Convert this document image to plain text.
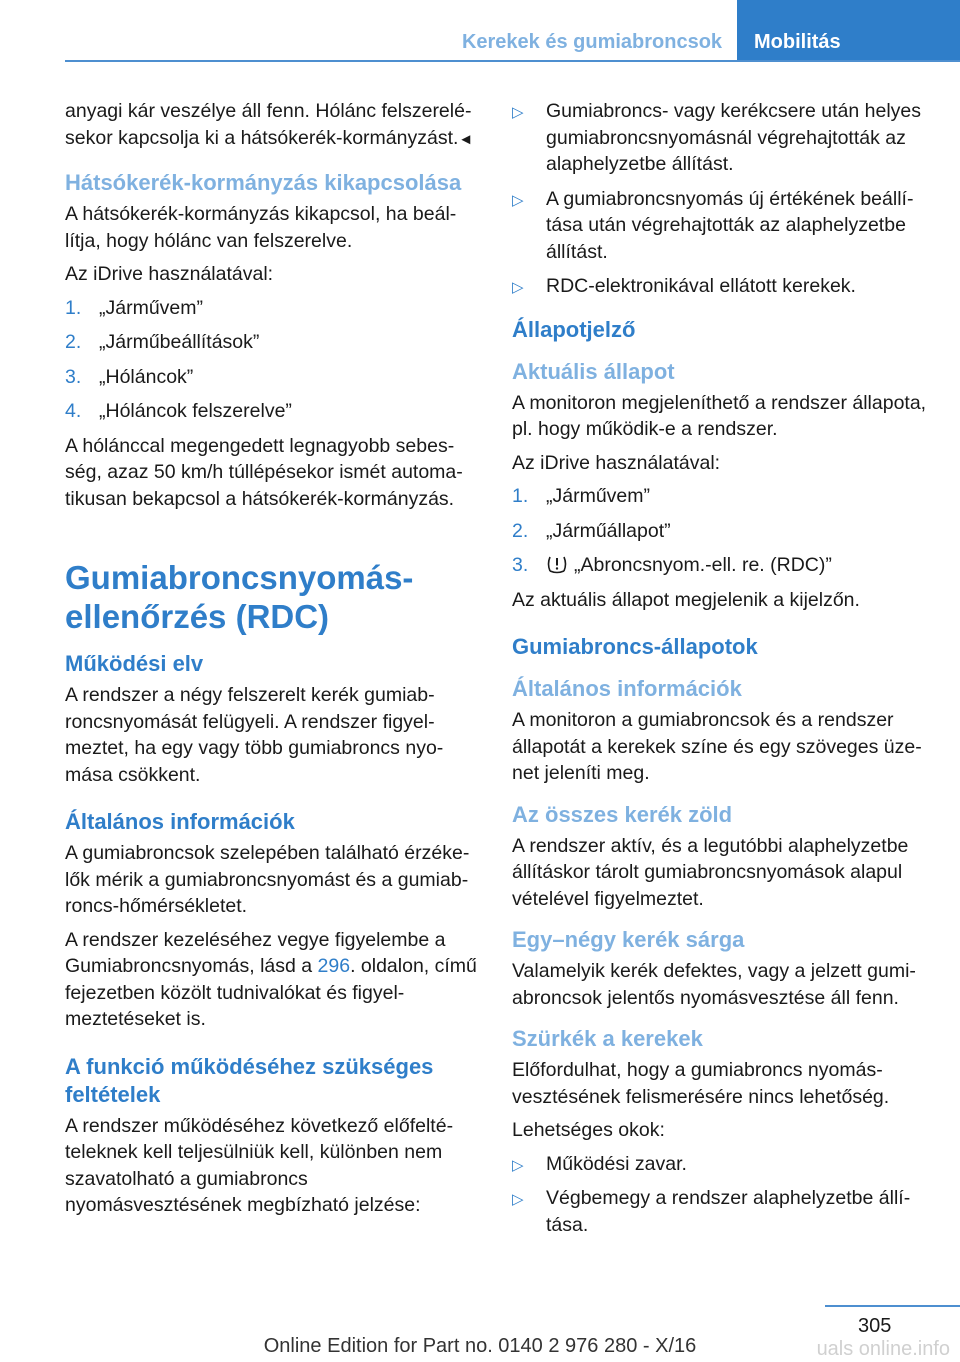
Kerekek és gumiabroncsok	Mobilitás

anyagi kár veszélye áll fenn. Hólánc felszerelésekor kapcsolja ki a hátsókerék-kormányzást.◄

Hátsókerék-kormányzás kikapcsolása

A hátsókerék-kormányzás kikapcsol, ha beállítja, hogy hólánc van felszerelve.

Az iDrive használatával:

1. „Járművem”
2. „Járműbeállítások”
3. „Hóláncok”
4. „Hóláncok felszerelve”

A hólánccal megengedett legnagyobb sebesség, azaz 50 km/h túllépésekor ismét automatikusan bekapcsol a hátsókerék-kormányzás.

Gumiabroncsnyomás-ellenőrzés (RDC)
Működési elv

A rendszer a négy felszerelt kerék gumiabroncsnyomását felügyeli. A rendszer figyelmeztet, ha egy vagy több gumiabroncs nyomása csökkent.

Általános információk

A gumiabroncsok szelepében található érzékelők mérik a gumiabroncsnyomást és a gumiabroncs-hőmérsékletet.

A rendszer kezeléséhez vegye figyelembe a Gumiabroncsnyomás, lásd a 296. oldalon, című fejezetben közölt tudnivalókat és figyelmeztetéseket is.

A funkció működéséhez szükséges feltételek

A rendszer működéséhez következő előfeltételeknek kell teljesülniük kell, különben nem szavatolható a gumiabroncs nyomásvesztésének megbízható jelzése:

▷ Gumiabroncs- vagy kerékcsere után helyes gumiabroncsnyomásnál végrehajtották az alaphelyzetbe állítást.
▷ A gumiabroncsnyomás új értékének beállítása után végrehajtották az alaphelyzetbe állítást.
▷ RDC-elektronikával ellátott kerekek.
Állapotjelző
Aktuális állapot

A monitoron megjeleníthető a rendszer állapota, pl. hogy működik-e a rendszer.

Az iDrive használatával:

1. „Járművem”
2. „Járműállapot”
3. „Abroncsnyom.-ell. re. (RDC)”

Az aktuális állapot megjelenik a kijelzőn.

Gumiabroncs-állapotok
Általános információk

A monitoron a gumiabroncsok és a rendszer állapotát a kerekek színe és egy szöveges üzenet jeleníti meg.

Az összes kerék zöld

A rendszer aktív, és a legutóbbi alaphelyzetbe állításkor tárolt gumiabroncsnyomások alapul vételével figyelmeztet.

Egy–négy kerék sárga

Valamelyik kerék defektes, vagy a jelzett gumiabroncsok jelentős nyomásvesztése áll fenn.

Szürkék a kerekek

Előfordulhat, hogy a gumiabroncs nyomásvesztésének felismerésére nincs lehetőség.

Lehetséges okok:

▷ Működési zavar.
▷ Végbemegy a rendszer alaphelyzetbe állítása.
305
Online Edition for Part no. 0140 2 976 280 - X/16	uals online.info
